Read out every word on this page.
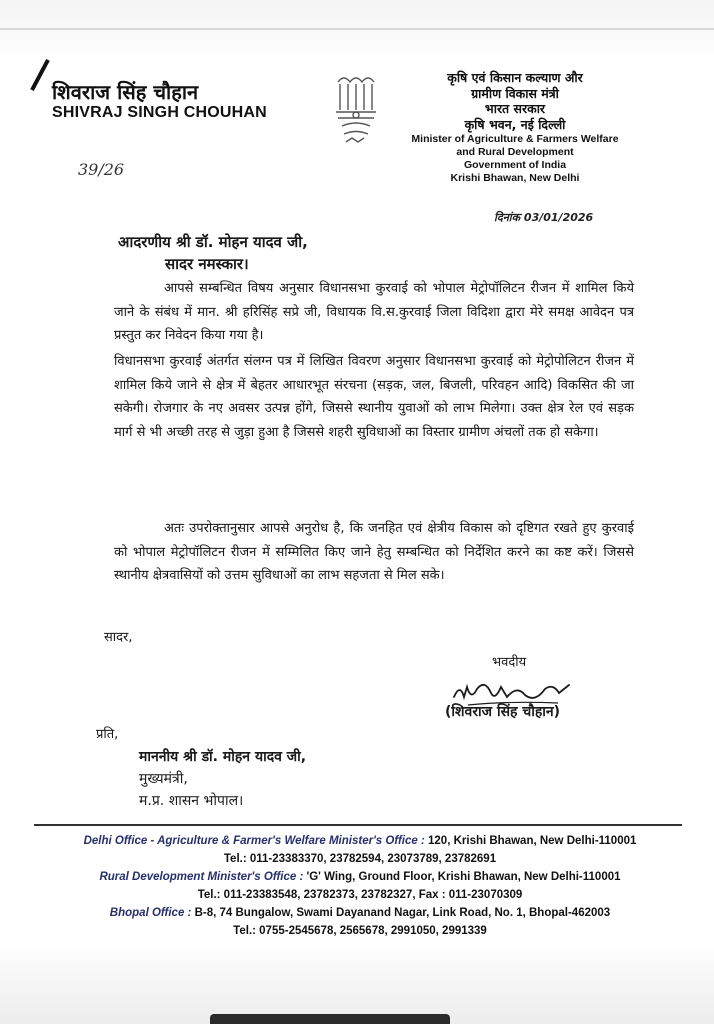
शिवराज सिंह चौहान
SHIVRAJ SINGH CHOUHAN
39/26
कृषि एवं किसान कल्याण और
ग्रामीण विकास मंत्री
भारत सरकार
कृषि भवन, नई दिल्ली
Minister of Agriculture & Farmers Welfare
and Rural Development
Government of India
Krishi Bhawan, New Delhi
दिनांक 03/01/2026
आदरणीय श्री डॉ. मोहन यादव जी,
सादर नमस्कार।
आपसे सम्बन्धित विषय अनुसार विधानसभा कुरवाई को भोपाल मेट्रोपॉलिटन रीजन में शामिल किये जाने के संबंध में मान. श्री हरिसिंह सप्रे जी, विधायक वि.स.कुरवाई जिला विदिशा द्वारा मेरे समक्ष आवेदन पत्र प्रस्तुत कर निवेदन किया गया है।
विधानसभा कुरवाई अंतर्गत संलग्न पत्र में लिखित विवरण अनुसार विधानसभा कुरवाई को मेट्रोपोलिटन रीजन में शामिल किये जाने से क्षेत्र में बेहतर आधारभूत संरचना (सड़क, जल, बिजली, परिवहन आदि) विकसित की जा सकेगी। रोजगार के नए अवसर उत्पन्न होंगे, जिससे स्थानीय युवाओं को लाभ मिलेगा। उक्त क्षेत्र रेल एवं सड़क मार्ग से भी अच्छी तरह से जुड़ा हुआ है जिससे शहरी सुविधाओं का विस्तार ग्रामीण अंचलों तक हो सकेगा।
अतः उपरोक्तानुसार आपसे अनुरोध है, कि जनहित एवं क्षेत्रीय विकास को दृष्टिगत रखते हुए कुरवाई को भोपाल मेट्रोपॉलिटन रीजन में सम्मिलित किए जाने हेतु सम्बन्धित को निर्देशित करने का कष्ट करें। जिससे स्थानीय क्षेत्रवासियों को उत्तम सुविधाओं का लाभ सहजता से मिल सके।
सादर,
भवदीय
(शिवराज सिंह चौहान)
प्रति,
माननीय श्री डॉ. मोहन यादव जी,
मुख्यमंत्री,
म.प्र. शासन भोपाल।
Delhi Office - Agriculture & Farmer's Welfare Minister's Office : 120, Krishi Bhawan, New Delhi-110001
Tel.: 011-23383370, 23782594, 23073789, 23782691
Rural Development Minister's Office : 'G' Wing, Ground Floor, Krishi Bhawan, New Delhi-110001
Tel.: 011-23383548, 23782373, 23782327, Fax : 011-23070309
Bhopal Office : B-8, 74 Bungalow, Swami Dayanand Nagar, Link Road, No. 1, Bhopal-462003
Tel.: 0755-2545678, 2565678, 2991050, 2991339
